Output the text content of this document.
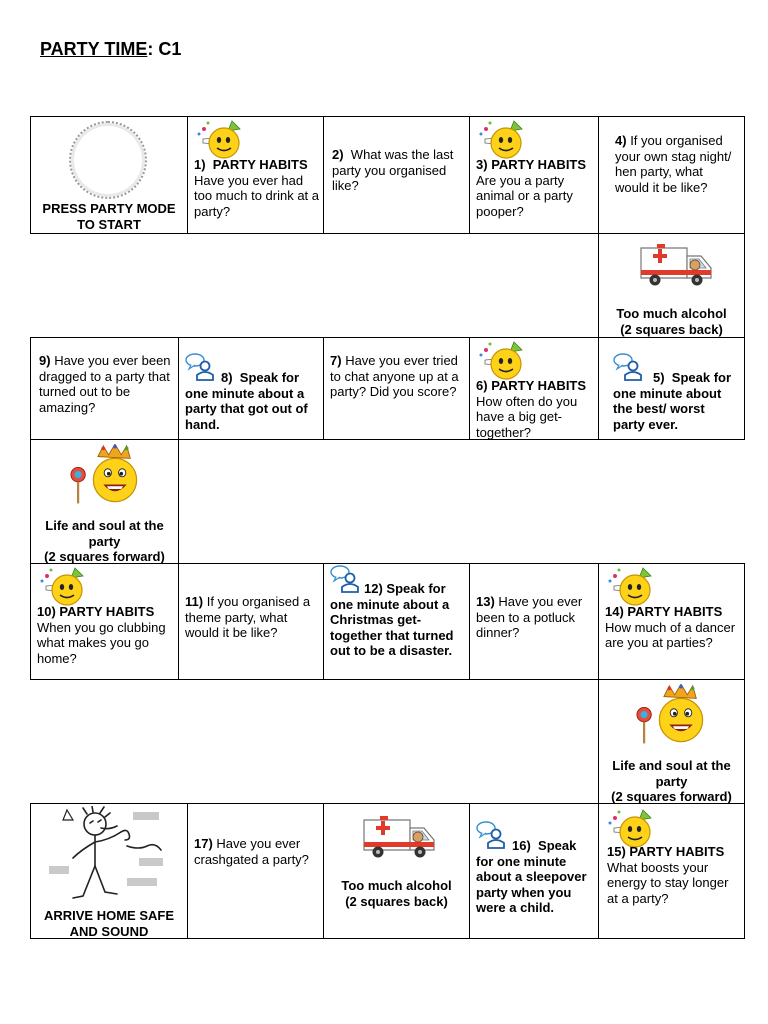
PARTY TIME: C1
PRESS PARTY MODE TO START
1) PARTY HABITS
Have you ever had too much to drink at a party?
2) What was the last party you organised like?
3) PARTY HABITS
Are you a party animal or a party pooper?
4) If you organised your own stag night/ hen party, what would it be like?
Too much alcohol
(2 squares back)
9) Have you ever been dragged to a party that turned out to be amazing?
8) Speak for one minute about a party that got out of hand.
7) Have you ever tried to chat anyone up at a party? Did you score?	6) PARTY HABITS
How often do you have a big get-together?
5) Speak for one minute about the best/ worst party ever.
Life and soul at the party
(2 squares forward)
10) PARTY HABITS
When you go clubbing what makes you go home?
11) If you organised a theme party, what would it be like?
12) Speak for one minute about a Christmas get-together that turned out to be a disaster.
13) Have you ever been to a potluck dinner?
14) PARTY HABITS
How much of a dancer are you at parties?
Life and soul at the party
(2 squares forward)
ARRIVE HOME SAFE AND SOUND
17) Have you ever crashgated a party?
Too much alcohol
(2 squares back)
16) Speak for one minute about a sleepover party when you were a child.
15) PARTY HABITS
What boosts your energy to stay longer at a party?
